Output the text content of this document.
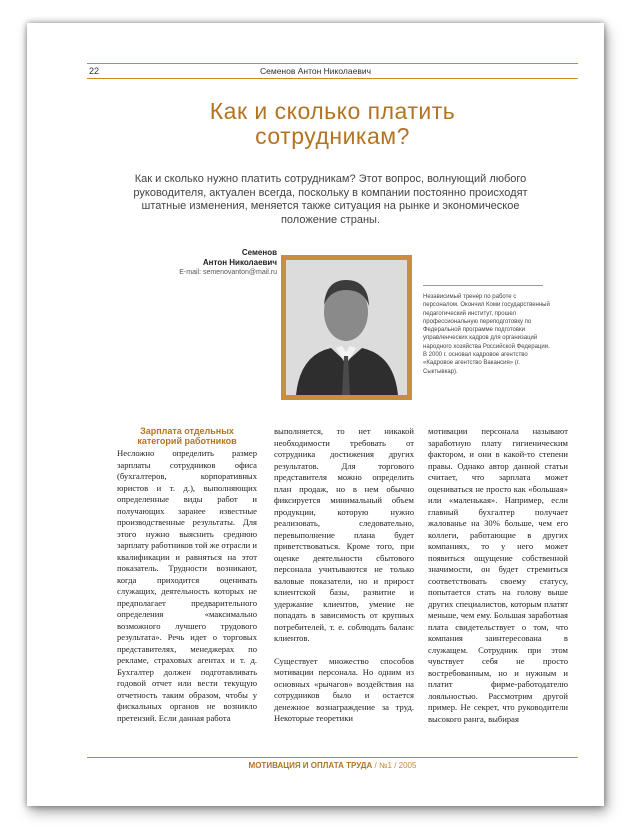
22	Семенов Антон Николаевич
Как и сколько платить
сотрудникам?
Как и сколько нужно платить сотрудникам? Этот вопрос, волнующий любого руководителя, актуален всегда, поскольку в компании постоянно происходят штатные изменения, меняется также ситуация на рынке и экономическое положение страны.
Семенов
Антон Николаевич
E-mail: semenovanton@mail.ru
Независимый тренер по работе с персоналом. Окончил Коми государственный педагогический институт, прошел профессиональную переподготовку по Федеральной программе подготовки управленческих кадров для организаций народного хозяйства Российской Федерации. В 2000 г. основал кадровое агентство «Кадровое агентство Вакансия» (г. Сыктывкар).
Зарплата отдельных категорий работников

Несложно определить размер зарплаты сотрудников офиса (бухгалтеров, корпоративных юристов и т. д.), выполняющих определенные виды работ и получающих заранее известные производственные результаты. Для этого нужно выяснить среднюю зарплату работников той же отрасли и квалификации и равняться на этот показатель. Трудности возникают, когда приходится оценивать служащих, деятельность которых не предполагает предварительного определения «максимально возможного лучшего трудового результата». Речь идет о торговых представителях, менеджерах по рекламе, страховых агентах и т. д. Бухгалтер должен подготавливать годовой отчет или вести текущую отчетность таким образом, чтобы у фискальных органов не возникло претензий. Если данная работа

выполняется, то нет никакой необходимости требовать от сотрудника достижения других результатов. Для торгового представителя можно определить план продаж, но в нем обычно фиксируется минимальный объем продукции, которую нужно реализовать, следовательно, перевыполнение плана будет приветствоваться. Кроме того, при оценке деятельности сбытового персонала учитываются не только валовые показатели, но и прирост клиентской базы, развитие и удержание клиентов, умение не попадать в зависимость от крупных потребителей, т. е. соблюдать баланс клиентов.

Существует множество способов мотивации персонала. Но одним из основных «рычагов» воздействия на сотрудников было и остается денежное вознаграждение за труд. Некоторые теоретики

мотивации персонала называют заработную плату гигиеническим фактором, и они в какой-то степени правы. Однако автор данной статьи считает, что зарплата может оцениваться не просто как «большая» или «маленькая». Например, если главный бухгалтер получает жалованье на 30% больше, чем его коллеги, работающие в других компаниях, то у него может появиться ощущение собственной значимости, он будет стремиться соответствовать своему статусу, попытается стать на голову выше других специалистов, которым платят меньше, чем ему. Большая заработная плата свидетельствует о том, что компания заинтересована в служащем. Сотрудник при этом чувствует себя не просто востребованным, но и нужным и платит фирме-работодателю лояльностью. Рассмотрим другой пример. Не секрет, что руководители высокого ранга, выбирая

МОТИВАЦИЯ И ОПЛАТА ТРУДА / №1 / 2005
